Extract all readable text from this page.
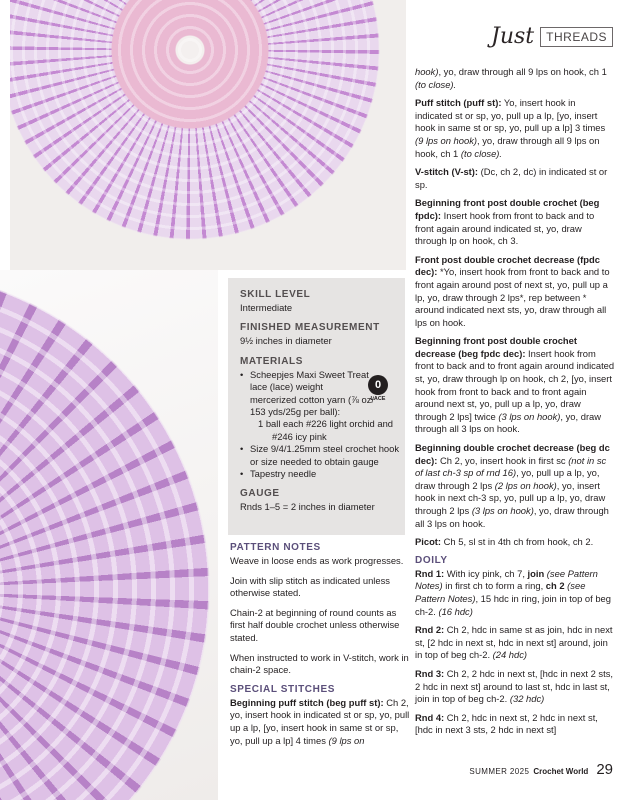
Just	THREADS
SKILL LEVEL
Intermediate
FINISHED MEASUREMENT
9½ inches in diameter
MATERIALS
0
LACE
• Scheepjes Maxi Sweet Treat
lace (lace) weight
mercerized cotton yarn (⅞ oz/
153 yds/25g per ball):
1 ball each #226 light orchid and
#246 icy pink
• Size 9/4/1.25mm steel crochet hook
or size needed to obtain gauge
• Tapestry needle
GAUGE
Rnds 1–5 = 2 inches in diameter
PATTERN NOTES

Weave in loose ends as work progresses.

Join with slip stitch as indicated unless otherwise stated.

Chain-2 at beginning of round counts as first half double crochet unless otherwise stated.

When instructed to work in V-stitch, work in chain-2 space.

SPECIAL STITCHES

Beginning puff stitch (beg puff st): Ch 2, yo, insert hook in indicated st or sp, yo, pull up a lp, [yo, insert hook in same st or sp, yo, pull up a lp] 4 times (9 lps on

hook), yo, draw through all 9 lps on hook, ch 1 (to close).

Puff stitch (puff st): Yo, insert hook in indicated st or sp, yo, pull up a lp, [yo, insert hook in same st or sp, yo, pull up a lp] 3 times (9 lps on hook), yo, draw through all 9 lps on hook, ch 1 (to close).

V-stitch (V-st): (Dc, ch 2, dc) in indicated st or sp.

Beginning front post double crochet (beg fpdc): Insert hook from front to back and to front again around indicated st, yo, draw through lp on hook, ch 3.

Front post double crochet decrease (fpdc dec): *Yo, insert hook from front to back and to front again around post of next st, yo, pull up a lp, yo, draw through 2 lps*, rep between * around indicated next sts, yo, draw through all lps on hook.

Beginning front post double crochet decrease (beg fpdc dec): Insert hook from front to back and to front again around indicated st, yo, draw through lp on hook, ch 2, [yo, insert hook from front to back and to front again around next st, yo, pull up a lp, yo, draw through 2 lps] twice (3 lps on hook), yo, draw through all 3 lps on hook.

Beginning double crochet decrease (beg dc dec): Ch 2, yo, insert hook in first sc (not in sc of last ch-3 sp of rnd 16), yo, pull up a lp, yo, draw through 2 lps (2 lps on hook), yo, insert hook in next ch-3 sp, yo, pull up a lp, yo, draw through 2 lps (3 lps on hook), yo, draw through all 3 lps on hook.

Picot: Ch 5, sl st in 4th ch from hook, ch 2.

DOILY

Rnd 1: With icy pink, ch 7, join (see Pattern Notes) in first ch to form a ring, ch 2 (see Pattern Notes), 15 hdc in ring, join in top of beg ch-2. (16 hdc)

Rnd 2: Ch 2, hdc in same st as join, hdc in next st, [2 hdc in next st, hdc in next st] around, join in top of beg ch-2. (24 hdc)

Rnd 3: Ch 2, 2 hdc in next st, [hdc in next 2 sts, 2 hdc in next st] around to last st, hdc in last st, join in top of beg ch-2. (32 hdc)

Rnd 4: Ch 2, hdc in next st, 2 hdc in next st, [hdc in next 3 sts, 2 hdc in next st]

SUMMER 2025 Crochet World 29
